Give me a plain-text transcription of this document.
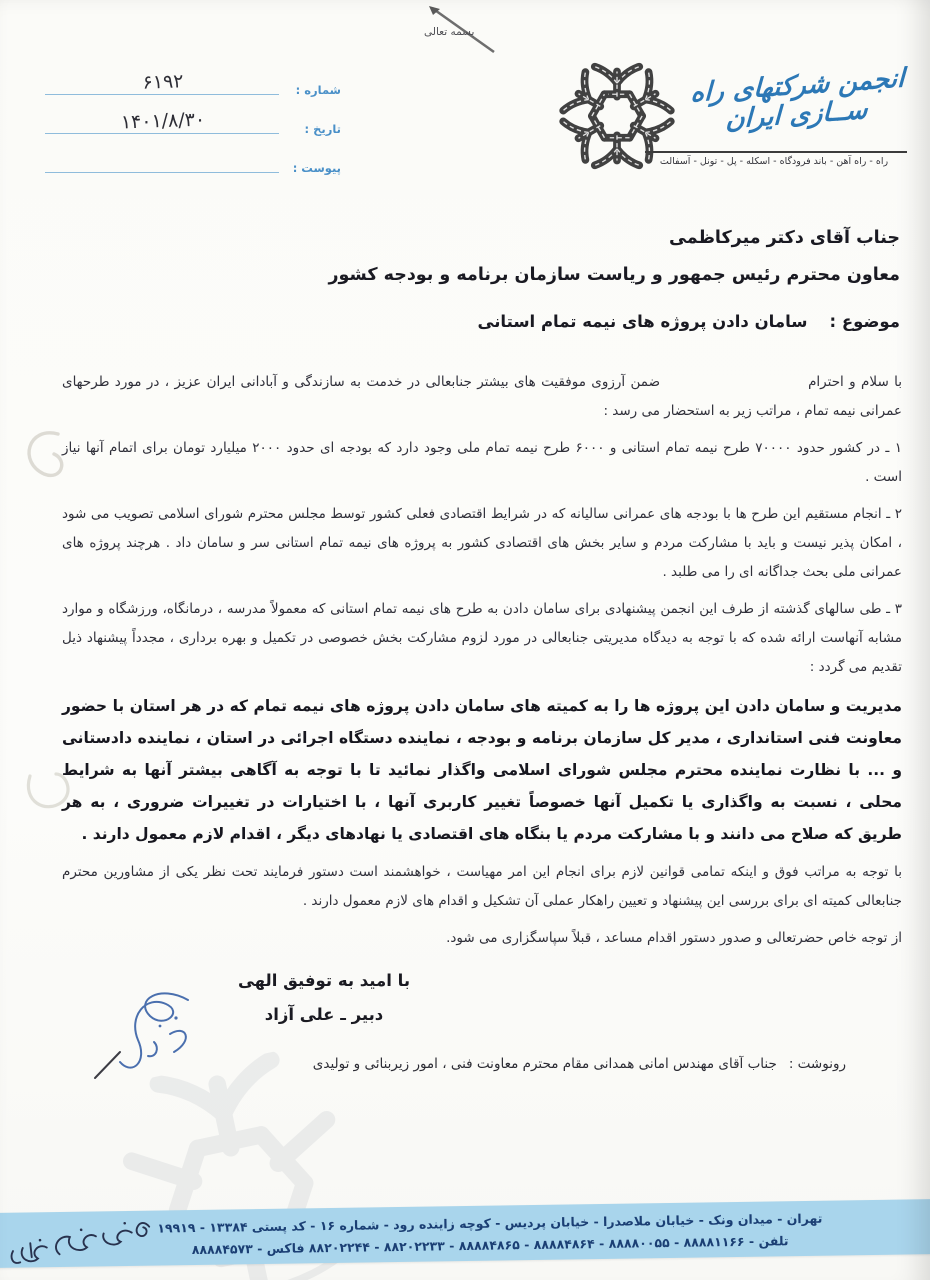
بسمه تعالی
شماره :
۶۱۹۲
تاریخ :
۱۴۰۱/۸/۳۰
پیوست :
انجمن شرکتهای راه ســازی ایران
راه - راه آهن - باند فرودگاه - اسکله - پل - تونل - آسفالت
جناب آقای دکتر میرکاظمی
معاون محترم رئیس جمهور و ریاست سازمان برنامه و بودجه کشور
موضوع :سامان دادن پروژه های نیمه تمام استانی

با سلام و احترامضمن آرزوی موفقیت های بیشتر جنابعالی در خدمت به سازندگی و آبادانی ایران عزیز ، در مورد طرحهای عمرانی نیمه تمام ، مراتب زیر به استحضار می رسد :

۱ ـ در کشور حدود ۷۰۰۰۰ طرح نیمه تمام استانی و ۶۰۰۰ طرح نیمه تمام ملی وجود دارد که بودجه ای حدود ۲۰۰۰ میلیارد تومان برای اتمام آنها نیاز است .

۲ ـ انجام مستقیم این طرح ها با بودجه های عمرانی سالیانه که در شرایط اقتصادی فعلی کشور توسط مجلس محترم شورای اسلامی تصویب می شود ، امکان پذیر نیست و باید با مشارکت مردم و سایر بخش های اقتصادی کشور به پروژه های نیمه تمام استانی سر و سامان داد . هرچند پروژه های عمرانی ملی بحث جداگانه ای را می طلبد .

۳ ـ طی سالهای گذشته از طرف این انجمن پیشنهادی برای سامان دادن به طرح های نیمه تمام استانی که معمولاً مدرسه ، درمانگاه، ورزشگاه و موارد مشابه آنهاست ارائه شده که با توجه به دیدگاه مدیریتی جنابعالی در مورد لزوم مشارکت بخش خصوصی در تکمیل و بهره برداری ، مجدداً پیشنهاد ذیل تقدیم می گردد :

مدیریت و سامان دادن این پروژه ها را به کمیته های سامان دادن پروژه های نیمه تمام که در هر استان با حضور معاونت فنی استانداری ، مدیر کل سازمان برنامه و بودجه ، نماینده دستگاه اجرائی در استان ، نماینده دادستانی و ... با نظارت نماینده محترم مجلس شورای اسلامی واگذار نمائید تا با توجه به آگاهی بیشتر آنها به شرایط محلی ، نسبت به واگذاری یا تکمیل آنها خصوصاً تغییر کاربری آنها ، با اختیارات در تغییرات ضروری ، به هر طریق که صلاح می دانند و با مشارکت مردم یا بنگاه های اقتصادی یا نهادهای دیگر ، اقدام لازم معمول دارند .

با توجه به مراتب فوق و اینکه تمامی قوانین لازم برای انجام این امر مهیاست ، خواهشمند است دستور فرمایند تحت نظر یکی از مشاورین محترم جنابعالی کمیته ای برای بررسی این پیشنهاد و تعیین راهکار عملی آن تشکیل و اقدام های لازم معمول دارند .

از توجه خاص حضرتعالی و صدور دستور اقدام مساعد ، قبلاً سپاسگزاری می شود.

با امید به توفیق الهی
دبیر ـ علی آزاد
رونوشت :جناب آقای مهندس امانی همدانی مقام محترم معاونت فنی ، امور زیربنائی و تولیدی
تهران - میدان ونک - خیابان ملاصدرا - خیابان پردیس - کوچه زاینده رود - شماره ۱۶ - کد پستی ۱۳۳۸۴ - ۱۹۹۱۹
تلفن - ۸۸۸۸۱۱۶۶ - ۸۸۸۸۰۰۵۵ - ۸۸۸۸۴۸۶۴ - ۸۸۸۸۴۸۶۵ - ۸۸۲۰۲۲۳۳ - ۸۸۲۰۲۲۴۴ فاکس - ۸۸۸۸۴۵۷۳
